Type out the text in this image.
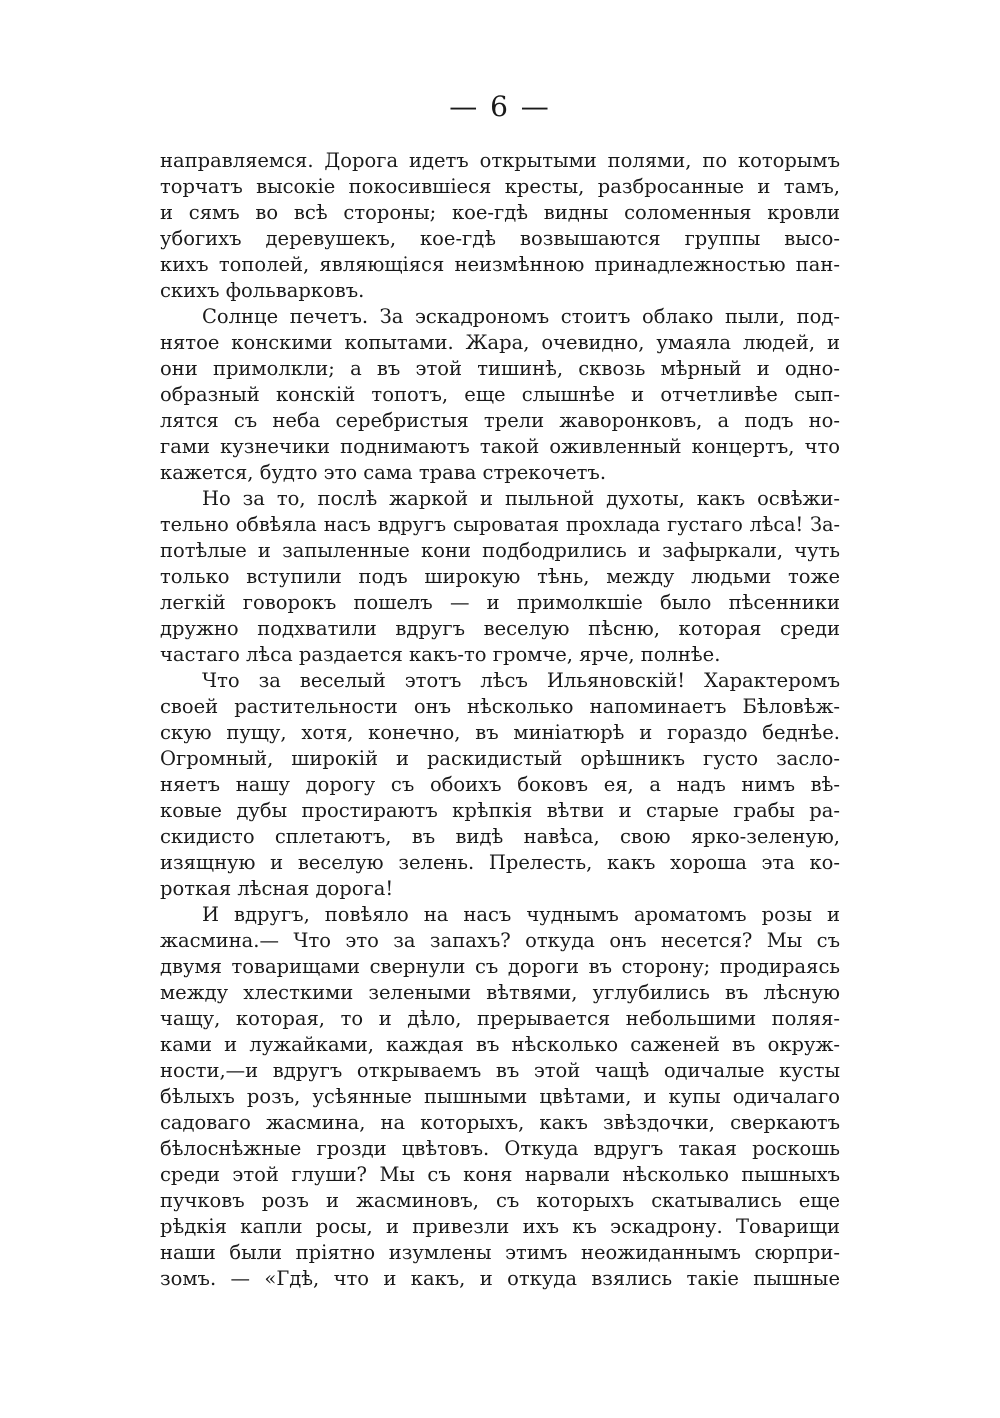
— 6 —
направляемся. Дорога идетъ открытыми полями, по которымъ
торчатъ высокіе покосившіеся кресты, разбросанные и тамъ,
и сямъ во всѣ стороны; кое-гдѣ видны соломенныя кровли
убогихъ деревушекъ, кое-гдѣ возвышаются группы высо-
кихъ тополей, являющіяся неизмѣнною принадлежностью пан-
скихъ фольварковъ.
Солнце печетъ. За эскадрономъ стоитъ облако пыли, под-
нятое конскими копытами. Жара, очевидно, умаяла людей, и
они примолкли; а въ этой тишинѣ, сквозь мѣрный и одно-
образный конскій топотъ, еще слышнѣе и отчетливѣе сып-
лятся съ неба серебристыя трели жаворонковъ, а подъ но-
гами кузнечики поднимаютъ такой оживленный концертъ, что
кажется, будто это сама трава стрекочетъ.
Но за то, послѣ жаркой и пыльной духоты, какъ освѣжи-
тельно обвѣяла насъ вдругъ сыроватая прохлада густаго лѣса! За-
потѣлые и запыленные кони подбодрились и зафыркали, чуть
только вступили подъ широкую тѣнь, между людьми тоже
легкій говорокъ пошелъ — и примолкшіе было пѣсенники
дружно подхватили вдругъ веселую пѣсню, которая среди
частаго лѣса раздается какъ-то громче, ярче, полнѣе.
Что за веселый этотъ лѣсъ Ильяновскій! Характеромъ
своей растительности онъ нѣсколько напоминаетъ Бѣловѣж-
скую пущу, хотя, конечно, въ миніатюрѣ и гораздо беднѣе.
Огромный, широкій и раскидистый орѣшникъ густо засло-
няетъ нашу дорогу съ обоихъ боковъ ея, а надъ нимъ вѣ-
ковые дубы простираютъ крѣпкія вѣтви и старые грабы ра-
скидисто сплетаютъ, въ видѣ навѣса, свою ярко-зеленую,
изящную и веселую зелень. Прелесть, какъ хороша эта ко-
роткая лѣсная дорога!
И вдругъ, повѣяло на насъ чуднымъ ароматомъ розы и
жасмина.— Что это за запахъ? откуда онъ несется? Мы съ
двумя товарищами свернули съ дороги въ сторону; продираясь
между хлесткими зелеными вѣтвями, углубились въ лѣсную
чащу, которая, то и дѣло, прерывается небольшими поляя-
ками и лужайками, каждая въ нѣсколько саженей въ окруж-
ности,—и вдругъ открываемъ въ этой чащѣ одичалые кусты
бѣлыхъ розъ, усѣянные пышными цвѣтами, и купы одичалаго
садоваго жасмина, на которыхъ, какъ звѣздочки, сверкаютъ
бѣлоснѣжные грозди цвѣтовъ. Откуда вдругъ такая роскошь
среди этой глуши? Мы съ коня нарвали нѣсколько пышныхъ
пучковъ розъ и жасминовъ, съ которыхъ скатывались еще
рѣдкія капли росы, и привезли ихъ къ эскадрону. Товарищи
наши были пріятно изумлены этимъ неожиданнымъ сюрпри-
зомъ. — «Гдѣ, что и какъ, и откуда взялись такіе пышные
